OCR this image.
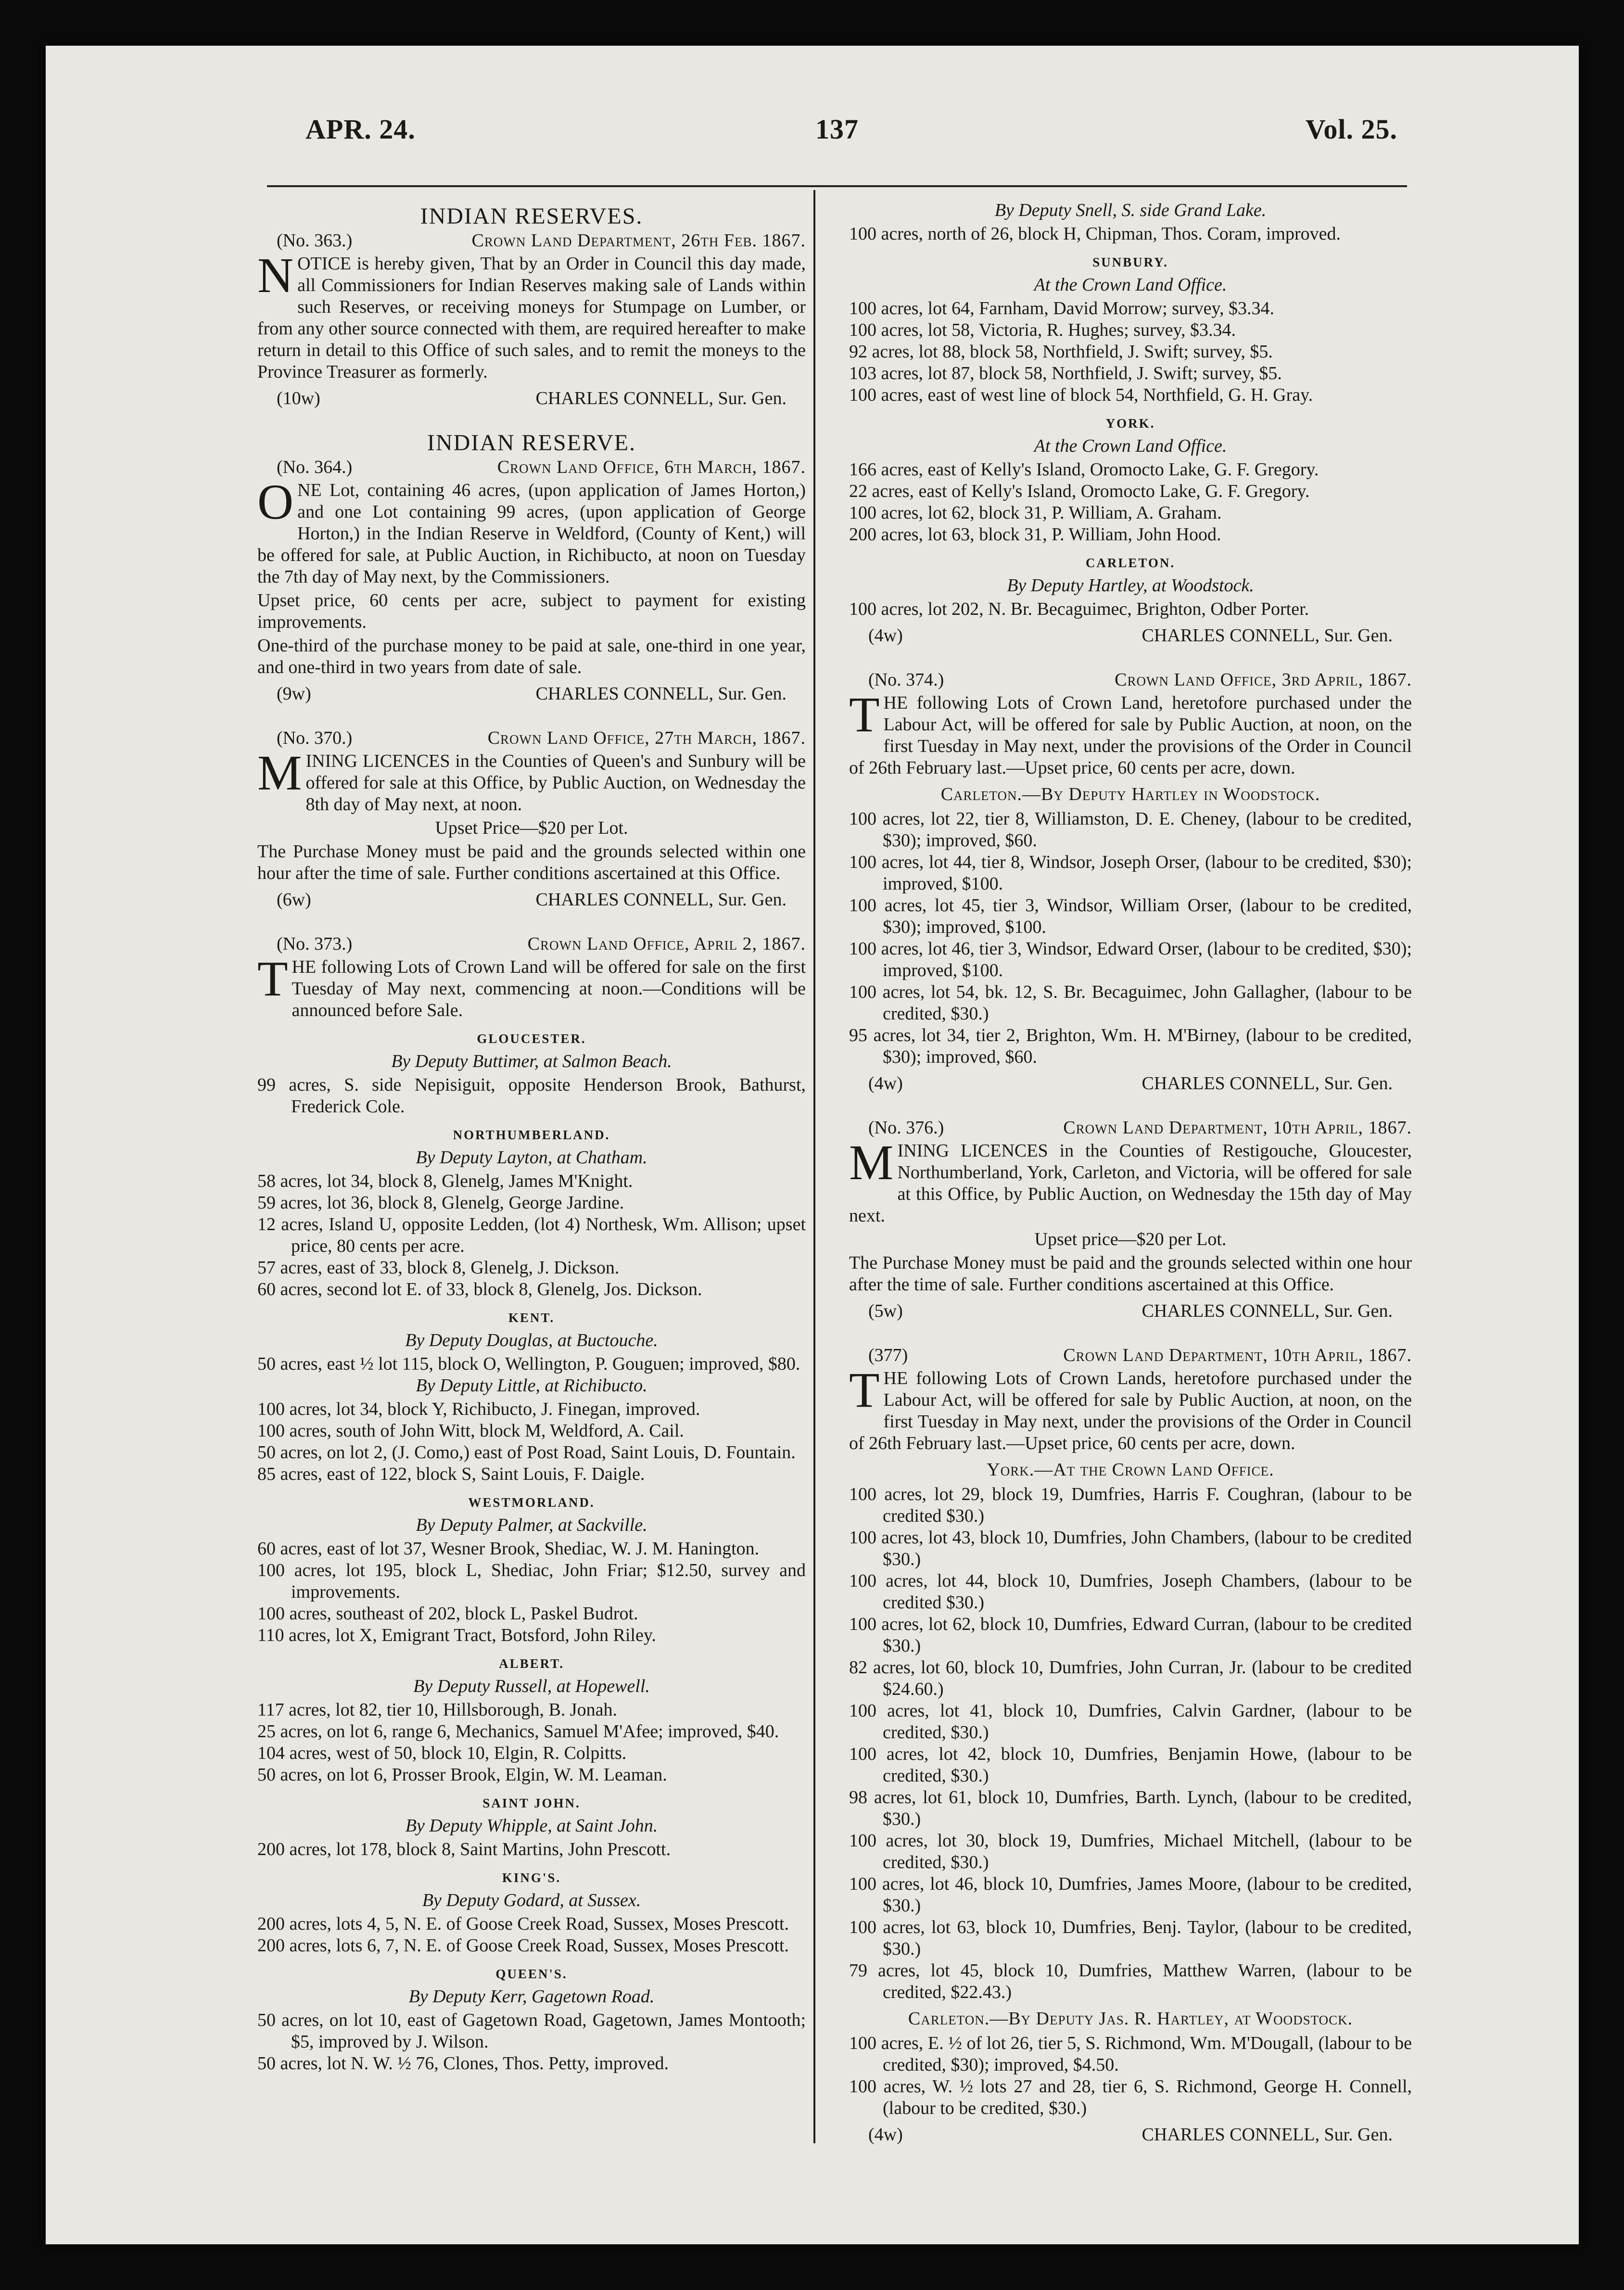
APR. 24.	137	Vol. 25.
INDIAN RESERVES.
(No. 363.)	Crown Land Department, 26th Feb. 1867.

NOTICE is hereby given, That by an Order in Council this day made, all Commissioners for Indian Reserves making sale of Lands within such Reserves, or receiving moneys for Stumpage on Lumber, or from any other source connected with them, are required hereafter to make return in detail to this Office of such sales, and to remit the moneys to the Province Treasurer as formerly.

(10w)	CHARLES CONNELL, Sur. Gen.
INDIAN RESERVE.
(No. 364.)	Crown Land Office, 6th March, 1867.

ONE Lot, containing 46 acres, (upon application of James Horton,) and one Lot containing 99 acres, (upon application of George Horton,) in the Indian Reserve in Weldford, (County of Kent,) will be offered for sale, at Public Auction, in Richibucto, at noon on Tuesday the 7th day of May next, by the Commissioners.

Upset price, 60 cents per acre, subject to payment for existing improvements.

One-third of the purchase money to be paid at sale, one-third in one year, and one-third in two years from date of sale.

(9w)	CHARLES CONNELL, Sur. Gen.
(No. 370.)	Crown Land Office, 27th March, 1867.

MINING LICENCES in the Counties of Queen's and Sunbury will be offered for sale at this Office, by Public Auction, on Wednesday the 8th day of May next, at noon.

Upset Price—$20 per Lot.

The Purchase Money must be paid and the grounds selected within one hour after the time of sale. Further conditions ascertained at this Office.

(6w)	CHARLES CONNELL, Sur. Gen.
(No. 373.)	Crown Land Office, April 2, 1867.

THE following Lots of Crown Land will be offered for sale on the first Tuesday of May next, commencing at noon.—Conditions will be announced before Sale.

GLOUCESTER.
By Deputy Buttimer, at Salmon Beach.

99 acres, S. side Nepisiguit, opposite Henderson Brook, Bathurst, Frederick Cole.

NORTHUMBERLAND.
By Deputy Layton, at Chatham.

58 acres, lot 34, block 8, Glenelg, James M'Knight.

59 acres, lot 36, block 8, Glenelg, George Jardine.

12 acres, Island U, opposite Ledden, (lot 4) Northesk, Wm. Allison; upset price, 80 cents per acre.

57 acres, east of 33, block 8, Glenelg, J. Dickson.

60 acres, second lot E. of 33, block 8, Glenelg, Jos. Dickson.

KENT.
By Deputy Douglas, at Buctouche.

50 acres, east ½ lot 115, block O, Wellington, P. Gouguen; improved, $80.

By Deputy Little, at Richibucto.

100 acres, lot 34, block Y, Richibucto, J. Finegan, improved.

100 acres, south of John Witt, block M, Weldford, A. Cail.

50 acres, on lot 2, (J. Como,) east of Post Road, Saint Louis, D. Fountain.

85 acres, east of 122, block S, Saint Louis, F. Daigle.

WESTMORLAND.
By Deputy Palmer, at Sackville.

60 acres, east of lot 37, Wesner Brook, Shediac, W. J. M. Hanington.

100 acres, lot 195, block L, Shediac, John Friar; $12.50, survey and improvements.

100 acres, southeast of 202, block L, Paskel Budrot.

110 acres, lot X, Emigrant Tract, Botsford, John Riley.

ALBERT.
By Deputy Russell, at Hopewell.

117 acres, lot 82, tier 10, Hillsborough, B. Jonah.

25 acres, on lot 6, range 6, Mechanics, Samuel M'Afee; improved, $40.

104 acres, west of 50, block 10, Elgin, R. Colpitts.

50 acres, on lot 6, Prosser Brook, Elgin, W. M. Leaman.

SAINT JOHN.
By Deputy Whipple, at Saint John.

200 acres, lot 178, block 8, Saint Martins, John Prescott.

KING'S.
By Deputy Godard, at Sussex.

200 acres, lots 4, 5, N. E. of Goose Creek Road, Sussex, Moses Prescott.

200 acres, lots 6, 7, N. E. of Goose Creek Road, Sussex, Moses Prescott.

QUEEN'S.
By Deputy Kerr, Gagetown Road.

50 acres, on lot 10, east of Gagetown Road, Gagetown, James Montooth; $5, improved by J. Wilson.

50 acres, lot N. W. ½ 76, Clones, Thos. Petty, improved.

By Deputy Snell, S. side Grand Lake.

100 acres, north of 26, block H, Chipman, Thos. Coram, improved.

SUNBURY.
At the Crown Land Office.

100 acres, lot 64, Farnham, David Morrow; survey, $3.34.

100 acres, lot 58, Victoria, R. Hughes; survey, $3.34.

92 acres, lot 88, block 58, Northfield, J. Swift; survey, $5.

103 acres, lot 87, block 58, Northfield, J. Swift; survey, $5.

100 acres, east of west line of block 54, Northfield, G. H. Gray.

YORK.
At the Crown Land Office.

166 acres, east of Kelly's Island, Oromocto Lake, G. F. Gregory.

22 acres, east of Kelly's Island, Oromocto Lake, G. F. Gregory.

100 acres, lot 62, block 31, P. William, A. Graham.

200 acres, lot 63, block 31, P. William, John Hood.

CARLETON.
By Deputy Hartley, at Woodstock.

100 acres, lot 202, N. Br. Becaguimec, Brighton, Odber Porter.

(4w)	CHARLES CONNELL, Sur. Gen.
(No. 374.)	Crown Land Office, 3rd April, 1867.

THE following Lots of Crown Land, heretofore purchased under the Labour Act, will be offered for sale by Public Auction, at noon, on the first Tuesday in May next, under the provisions of the Order in Council of 26th February last.—Upset price, 60 cents per acre, down.

Carleton.—By Deputy Hartley in Woodstock.

100 acres, lot 22, tier 8, Williamston, D. E. Cheney, (labour to be credited, $30); improved, $60.

100 acres, lot 44, tier 8, Windsor, Joseph Orser, (labour to be credited, $30); improved, $100.

100 acres, lot 45, tier 3, Windsor, William Orser, (labour to be credited, $30); improved, $100.

100 acres, lot 46, tier 3, Windsor, Edward Orser, (labour to be credited, $30); improved, $100.

100 acres, lot 54, bk. 12, S. Br. Becaguimec, John Gallagher, (labour to be credited, $30.)

95 acres, lot 34, tier 2, Brighton, Wm. H. M'Birney, (labour to be credited, $30); improved, $60.

(4w)	CHARLES CONNELL, Sur. Gen.
(No. 376.)	Crown Land Department, 10th April, 1867.

MINING LICENCES in the Counties of Restigouche, Gloucester, Northumberland, York, Carleton, and Victoria, will be offered for sale at this Office, by Public Auction, on Wednesday the 15th day of May next.

Upset price—$20 per Lot.

The Purchase Money must be paid and the grounds selected within one hour after the time of sale. Further conditions ascertained at this Office.

(5w)	CHARLES CONNELL, Sur. Gen.
(377)	Crown Land Department, 10th April, 1867.

THE following Lots of Crown Lands, heretofore purchased under the Labour Act, will be offered for sale by Public Auction, at noon, on the first Tuesday in May next, under the provisions of the Order in Council of 26th February last.—Upset price, 60 cents per acre, down.

York.—At the Crown Land Office.

100 acres, lot 29, block 19, Dumfries, Harris F. Coughran, (labour to be credited $30.)

100 acres, lot 43, block 10, Dumfries, John Chambers, (labour to be credited $30.)

100 acres, lot 44, block 10, Dumfries, Joseph Chambers, (labour to be credited $30.)

100 acres, lot 62, block 10, Dumfries, Edward Curran, (labour to be credited $30.)

82 acres, lot 60, block 10, Dumfries, John Curran, Jr. (labour to be credited $24.60.)

100 acres, lot 41, block 10, Dumfries, Calvin Gardner, (labour to be credited, $30.)

100 acres, lot 42, block 10, Dumfries, Benjamin Howe, (labour to be credited, $30.)

98 acres, lot 61, block 10, Dumfries, Barth. Lynch, (labour to be credited, $30.)

100 acres, lot 30, block 19, Dumfries, Michael Mitchell, (labour to be credited, $30.)

100 acres, lot 46, block 10, Dumfries, James Moore, (labour to be credited, $30.)

100 acres, lot 63, block 10, Dumfries, Benj. Taylor, (labour to be credited, $30.)

79 acres, lot 45, block 10, Dumfries, Matthew Warren, (labour to be credited, $22.43.)

Carleton.—By Deputy Jas. R. Hartley, at Woodstock.

100 acres, E. ½ of lot 26, tier 5, S. Richmond, Wm. M'Dougall, (labour to be credited, $30); improved, $4.50.

100 acres, W. ½ lots 27 and 28, tier 6, S. Richmond, George H. Connell, (labour to be credited, $30.)

(4w)	CHARLES CONNELL, Sur. Gen.
